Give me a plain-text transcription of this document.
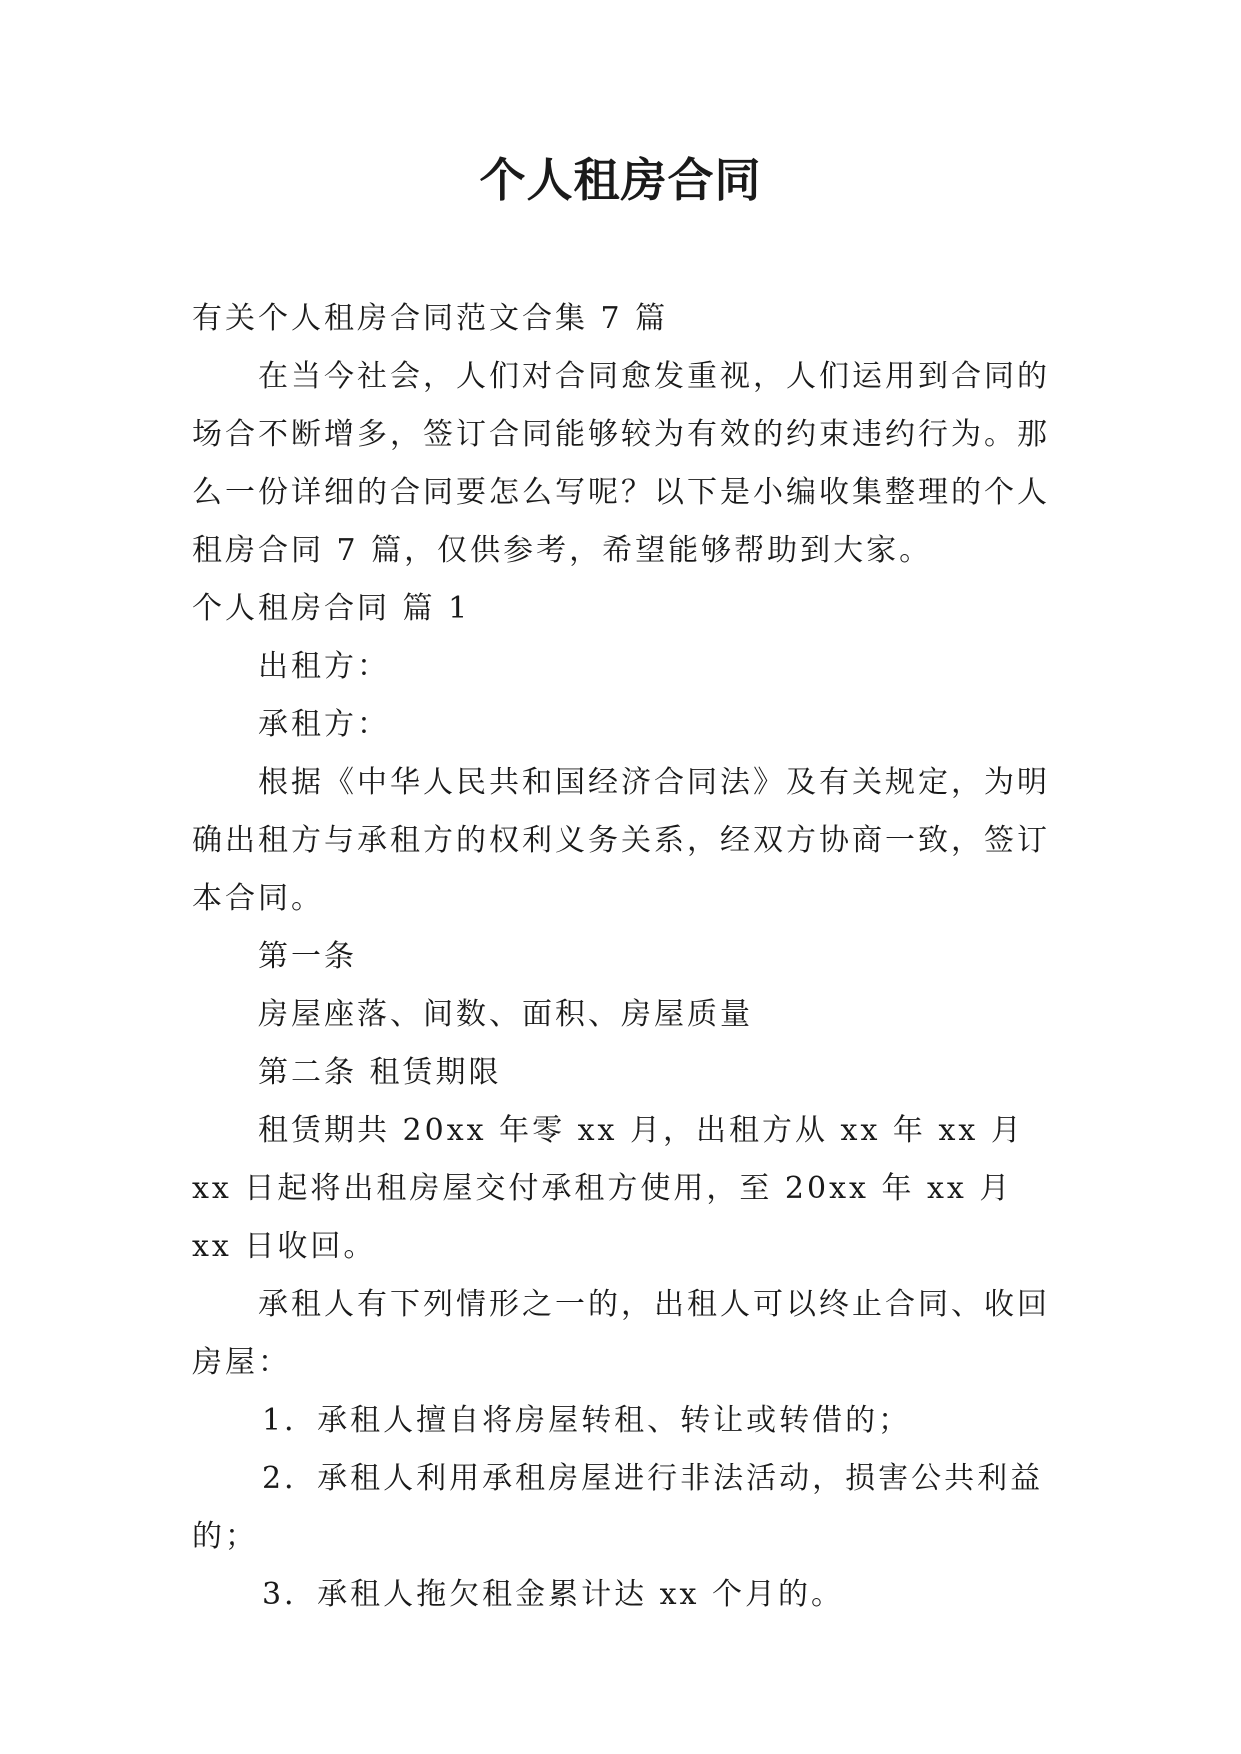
个人租房合同

有关个人租房合同范文合集 7 篇

在当今社会，人们对合同愈发重视，人们运用到合同的场合不断增多，签订合同能够较为有效的约束违约行为。那么一份详细的合同要怎么写呢？以下是小编收集整理的个人租房合同 7 篇，仅供参考，希望能够帮助到大家。

个人租房合同 篇 1

出租方：

承租方：

根据《中华人民共和国经济合同法》及有关规定，为明确出租方与承租方的权利义务关系，经双方协商一致，签订本合同。

第一条

房屋座落、间数、面积、房屋质量

第二条 租赁期限

租赁期共 20xx 年零 xx 月，出租方从 xx 年 xx 月 xx 日起将出租房屋交付承租方使用，至 20xx 年 xx 月 xx 日收回。

承租人有下列情形之一的，出租人可以终止合同、收回房屋：

1．承租人擅自将房屋转租、转让或转借的；

2．承租人利用承租房屋进行非法活动，损害公共利益的；

3．承租人拖欠租金累计达 xx 个月的。
